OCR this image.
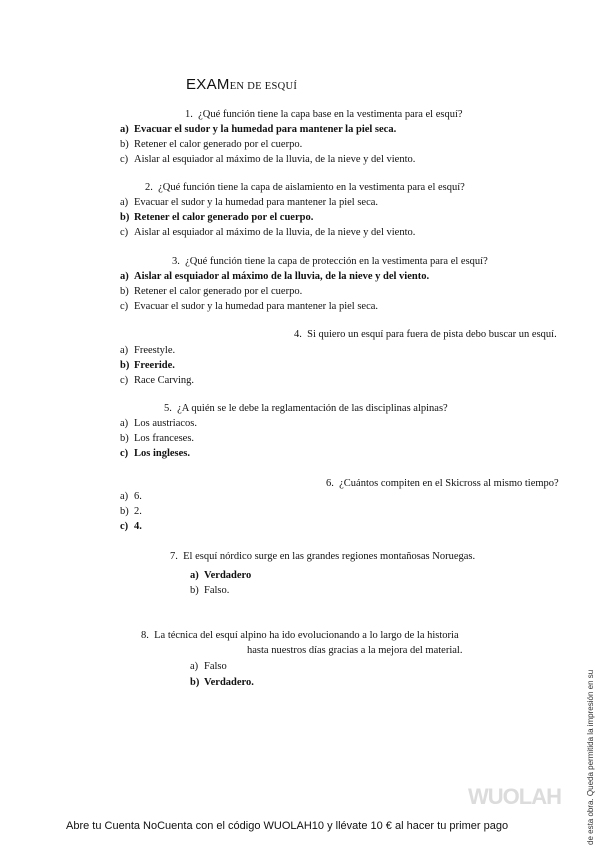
EXAMEN DE ESQUÍ
1. ¿Qué función tiene la capa base en la vestimenta para el esquí?
a) Evacuar el sudor y la humedad para mantener la piel seca.
b) Retener el calor generado por el cuerpo.
c) Aislar al esquiador al máximo de la lluvia, de la nieve y del viento.
2. ¿Qué función tiene la capa de aislamiento en la vestimenta para el esquí?
a) Evacuar el sudor y la humedad para mantener la piel seca.
b) Retener el calor generado por el cuerpo.
c) Aislar al esquiador al máximo de la lluvia, de la nieve y del viento.
3. ¿Qué función tiene la capa de protección en la vestimenta para el esquí?
a) Aislar al esquiador al máximo de la lluvia, de la nieve y del viento.
b) Retener el calor generado por el cuerpo.
c) Evacuar el sudor y la humedad para mantener la piel seca.
4. Si quiero un esquí para fuera de pista debo buscar un esquí.
a) Freestyle.
b) Freeride.
c) Race Carving.
5. ¿A quién se le debe la reglamentación de las disciplinas alpinas?
a) Los austriacos.
b) Los franceses.
c) Los ingleses.
6. ¿Cuántos compiten en el Skicross al mismo tiempo?
a) 6.
b) 2.
c) 4.
7. El esquí nórdico surge en las grandes regiones montañosas Noruegas.
a) Verdadero
b) Falso.
8. La técnica del esquí alpino ha ido evolucionando a lo largo de la historia
hasta nuestros días gracias a la mejora del material.
a) Falso
b) Verdadero.
WUOLAH
Abre tu Cuenta NoCuenta con el código WUOLAH10 y llévate 10 € al hacer tu primer pago	de esta obra. Queda permitida la impresión en su
